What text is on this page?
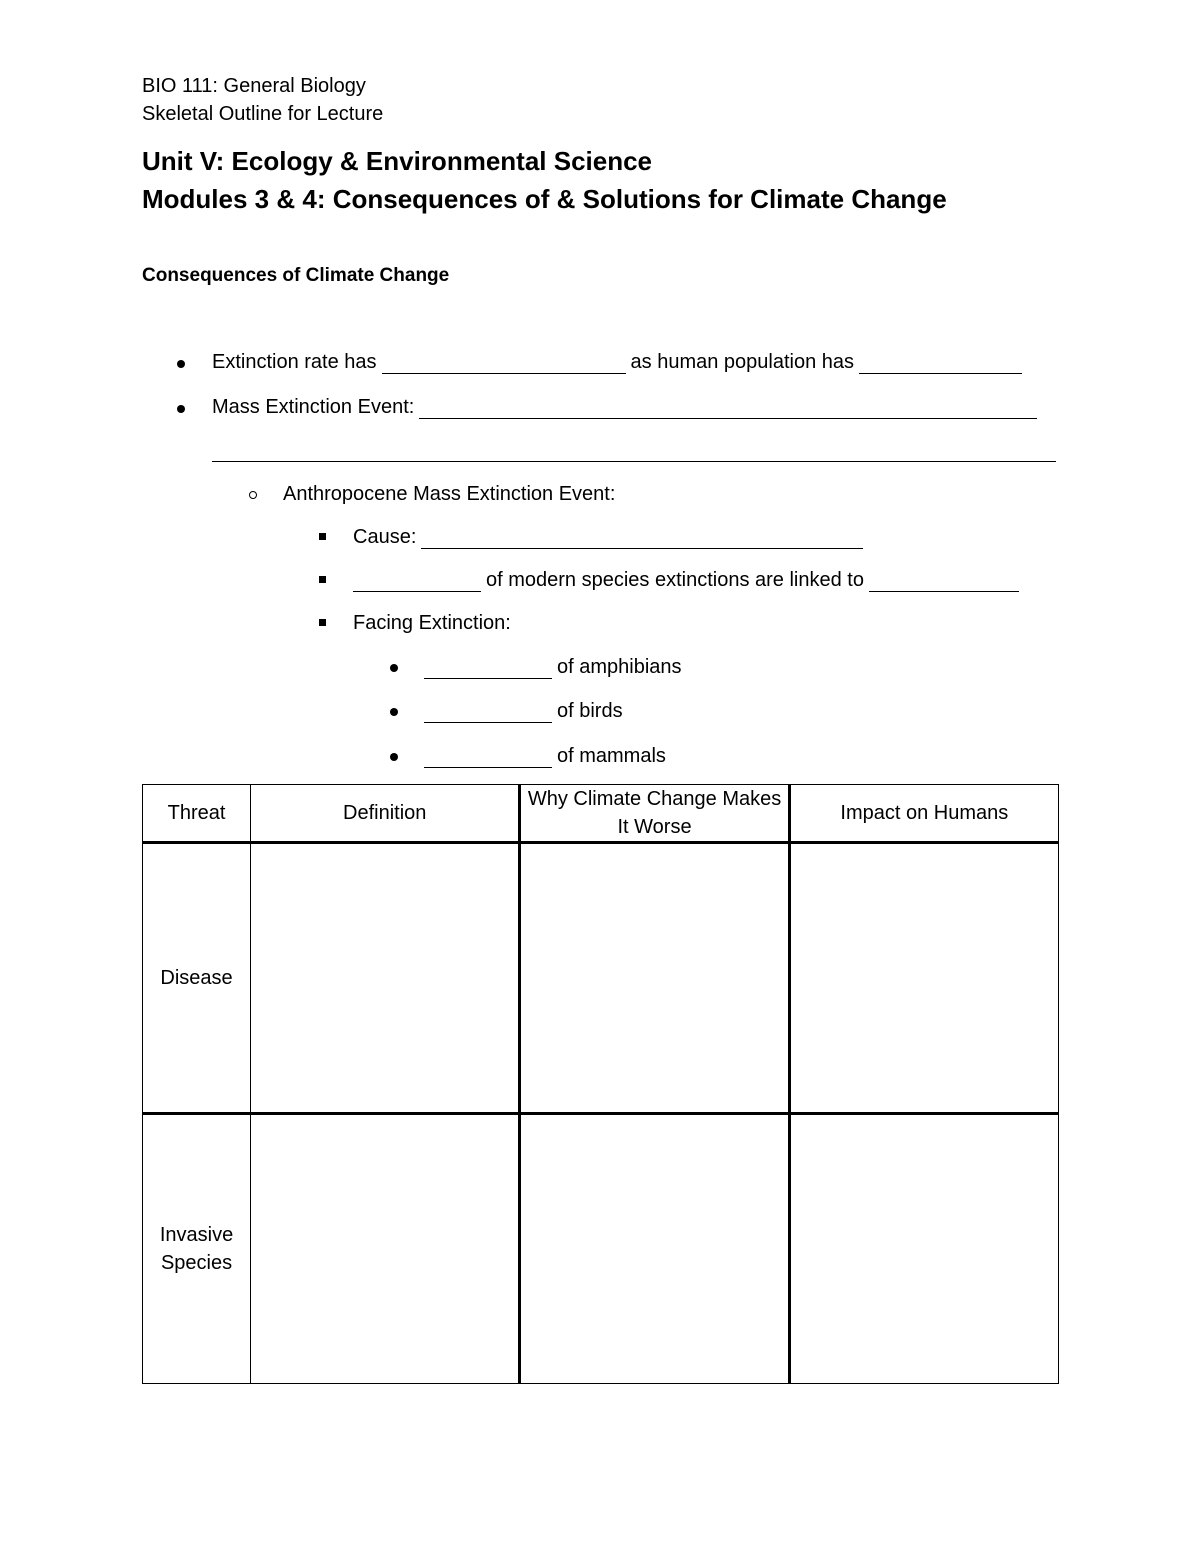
BIO 111: General Biology
Skeletal Outline for Lecture
Unit V: Ecology & Environmental Science
Modules 3 & 4: Consequences of & Solutions for Climate Change
Consequences of Climate Change
Extinction rate has	as human population has
Mass Extinction Event:
Anthropocene Mass Extinction Event:
Cause:
of modern species extinctions are linked to
Facing Extinction:
of amphibians
of birds
of mammals
Threat	Definition	Why Climate Change Makes It Worse	Impact on Humans
Disease			
Invasive Species			
